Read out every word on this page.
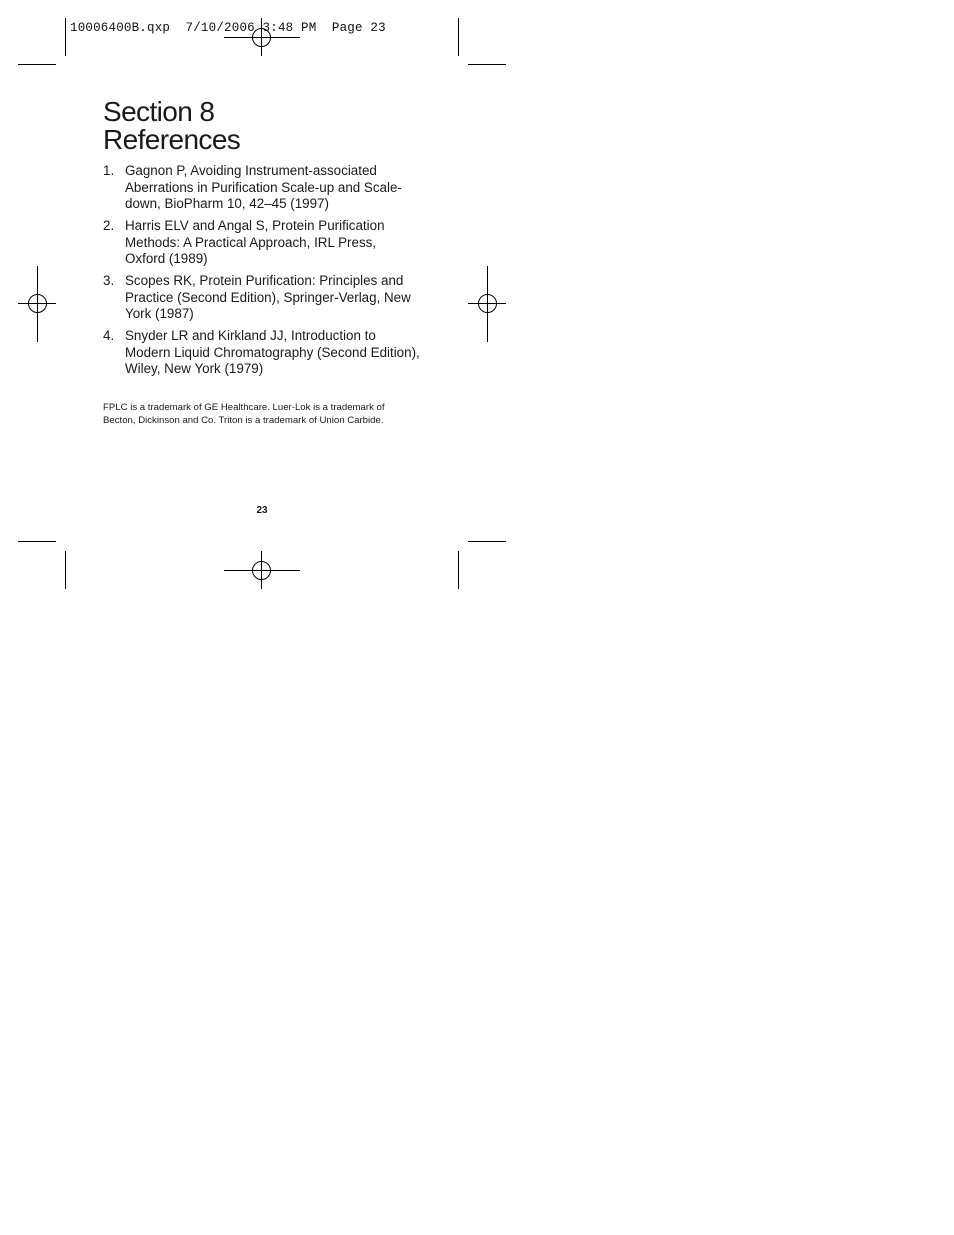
10006400B.qxp 7/10/2006 3:48 PM Page 23
Section 8
References
1. Gagnon P, Avoiding Instrument-associated
Aberrations in Purification Scale-up and Scale-
down, BioPharm 10, 42–45 (1997)
2. Harris ELV and Angal S, Protein Purification
Methods: A Practical Approach, IRL Press,
Oxford (1989)
3. Scopes RK, Protein Purification: Principles and
Practice (Second Edition), Springer-Verlag, New
York (1987)
4. Snyder LR and Kirkland JJ, Introduction to
Modern Liquid Chromatography (Second Edition),
Wiley, New York (1979)
FPLC is a trademark of GE Healthcare. Luer-Lok is a trademark of
Becton, Dickinson and Co. Triton is a trademark of Union Carbide.
23
